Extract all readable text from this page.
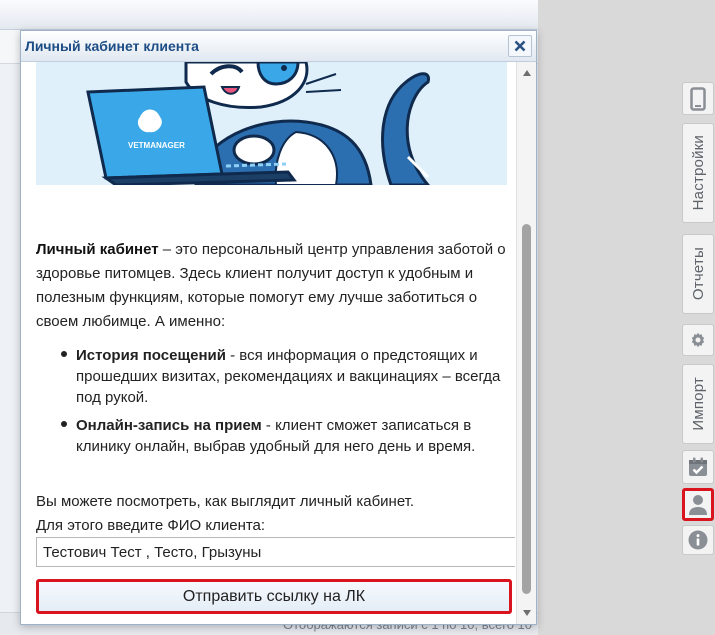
Настройки
Отчеты
Импорт
Личный кабинет клиента
VETMANAGER

Личный кабинет – это персональный центр управления заботой о здоровье питомцев. Здесь клиент получит доступ к удобным и полезным функциям, которые помогут ему лучше заботиться о своем любимце. А именно:

История посещений - вся информация о предстоящих и прошедших визитах, рекомендациях и вакцинациях – всегда под рукой.

Онлайн-запись на прием - клиент сможет записаться в клинику онлайн, выбрав удобный для него день и время.

Вы можете посмотреть, как выглядит личный кабинет.

Для этого введите ФИО клиента:

Тестович Тест , Тесто, Грызуны
Отправить ссылку на ЛК
